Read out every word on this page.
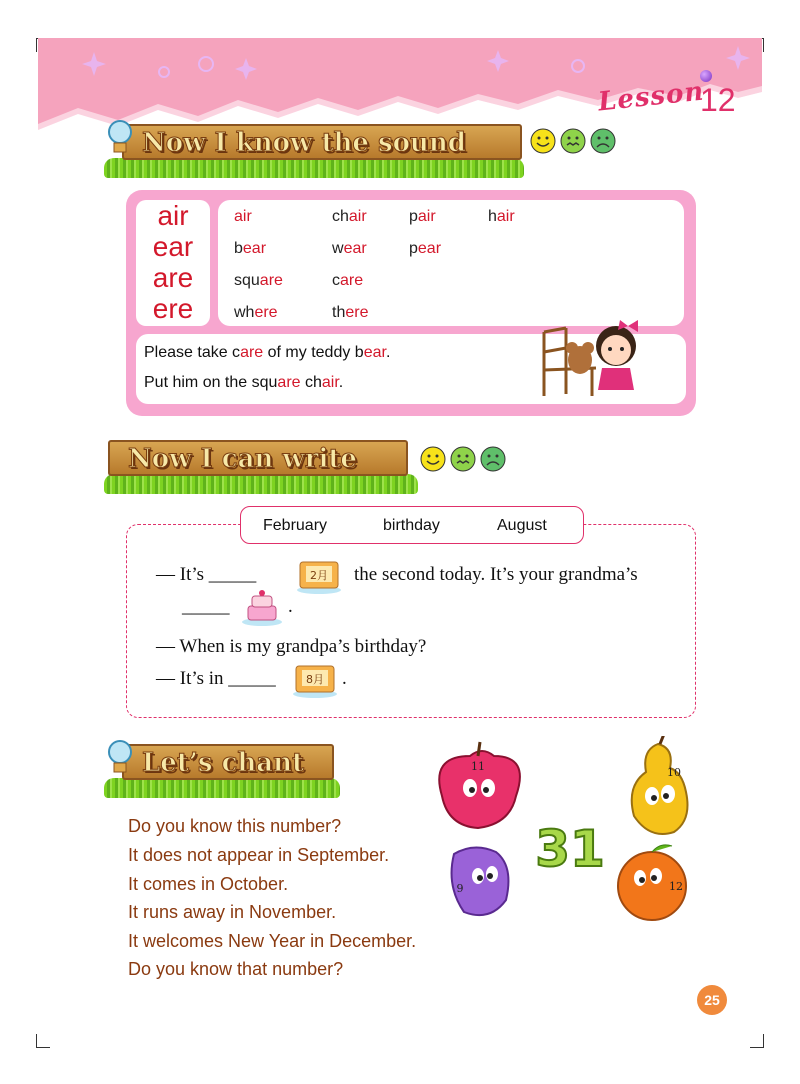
Lesson
12
Now I know the sound
air
ear
are
ere
air	chair	pair	hair
bear	wear	pear
square	care
where	there
Please take care of my teddy bear.
Put him on the square chair.
Now I can write
February	birthday	August
— It’s _____	2月 the second today. It’s your grandma’s
_____	.
— When is my grandpa’s birthday?
— It’s in _____	8月 .
Let’s chant
Do you know this number?
It does not appear in September.
It comes in October.
It runs away in November.
It welcomes New Year in December.
Do you know that number?
11	10
9	12
31
25
